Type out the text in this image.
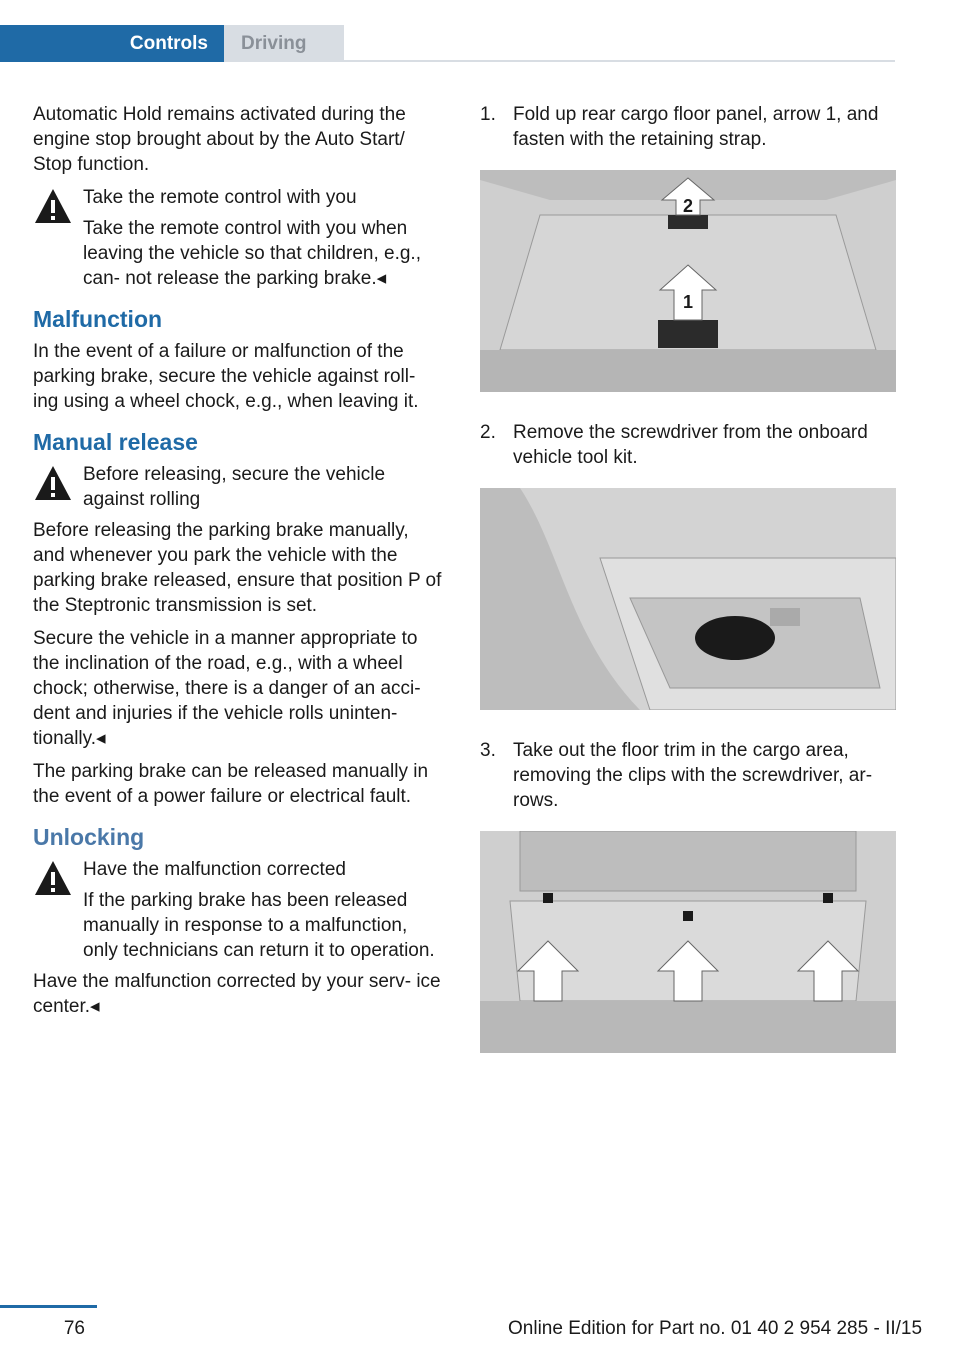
Controls	Driving

Automatic Hold remains activated during the engine stop brought about by the Auto Start/ Stop function.

Take the remote control with you
Take the remote control with you when leaving the vehicle so that children, e.g., can- not release the parking brake.◂
Malfunction

In the event of a failure or malfunction of the parking brake, secure the vehicle against roll- ing using a wheel chock, e.g., when leaving it.

Manual release
Before releasing, secure the vehicle against rolling

Before releasing the parking brake manually, and whenever you park the vehicle with the parking brake released, ensure that position P of the Steptronic transmission is set.

Secure the vehicle in a manner appropriate to the inclination of the road, e.g., with a wheel chock; otherwise, there is a danger of an acci- dent and injuries if the vehicle rolls uninten- tionally.◂

The parking brake can be released manually in the event of a power failure or electrical fault.

Unlocking
Have the malfunction corrected
If the parking brake has been released manually in response to a malfunction, only technicians can return it to operation.

Have the malfunction corrected by your serv- ice center.◂

1. Fold up rear cargo floor panel, arrow 1, and fasten with the retaining strap.
1
2
2. Remove the screwdriver from the onboard vehicle tool kit.
3. Take out the floor trim in the cargo area, removing the clips with the screwdriver, ar- rows.
76	Online Edition for Part no. 01 40 2 954 285 - II/15
